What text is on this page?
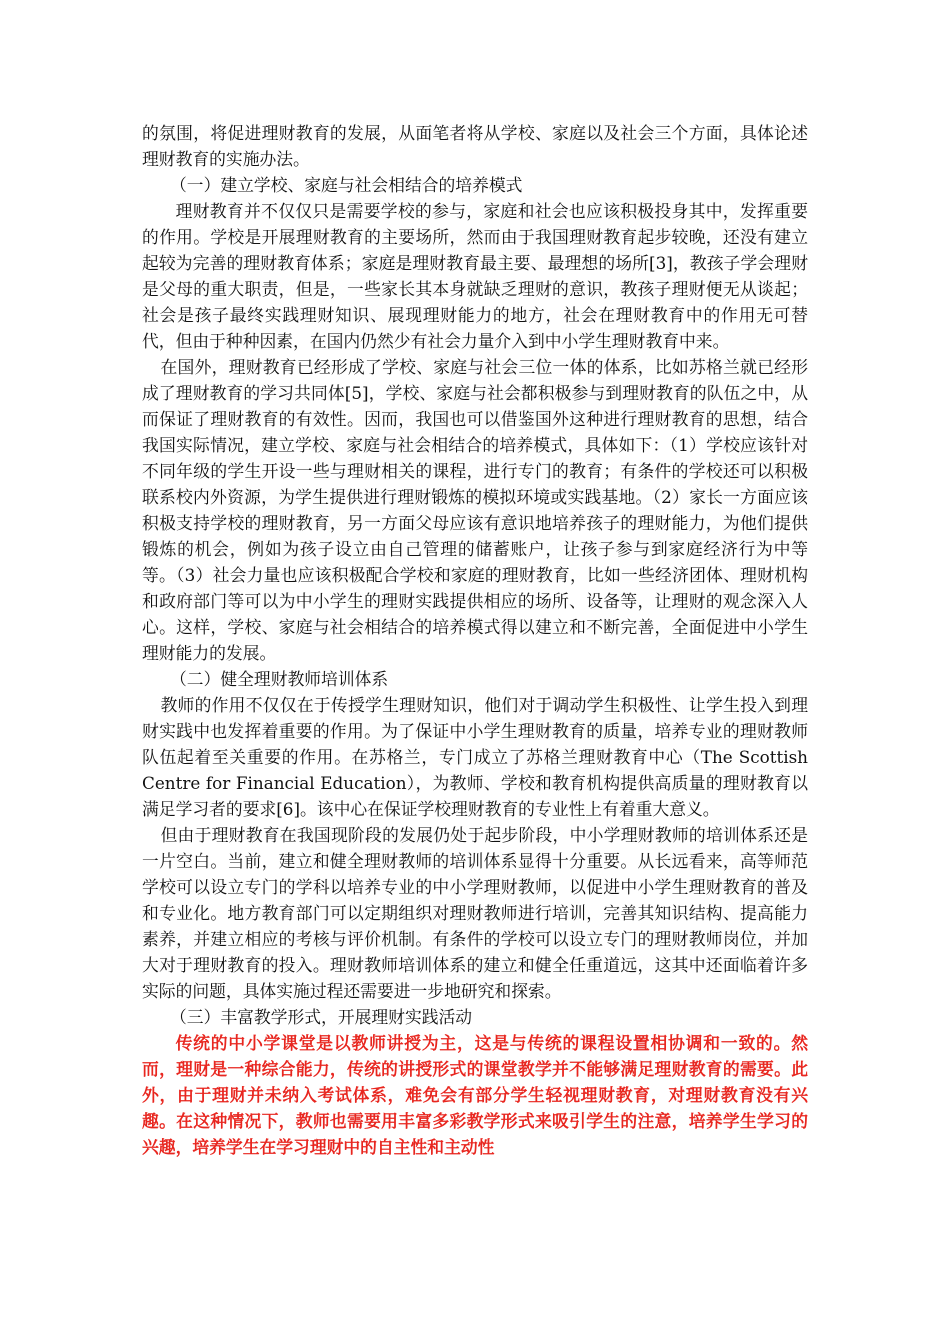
的氛围，将促进理财教育的发展，从面笔者将从学校、家庭以及社会三个方面，具体论述理财教育的实施办法。

（一）建立学校、家庭与社会相结合的培养模式

理财教育并不仅仅只是需要学校的参与，家庭和社会也应该积极投身其中，发挥重要的作用。学校是开展理财教育的主要场所，然而由于我国理财教育起步较晚，还没有建立起较为完善的理财教育体系；家庭是理财教育最主要、最理想的场所[3]，教孩子学会理财是父母的重大职责，但是，一些家长其本身就缺乏理财的意识，教孩子理财便无从谈起；社会是孩子最终实践理财知识、展现理财能力的地方，社会在理财教育中的作用无可替代，但由于种种因素，在国内仍然少有社会力量介入到中小学生理财教育中来。

在国外，理财教育已经形成了学校、家庭与社会三位一体的体系，比如苏格兰就已经形成了理财教育的学习共同体[5]，学校、家庭与社会都积极参与到理财教育的队伍之中，从而保证了理财教育的有效性。因而，我国也可以借鉴国外这种进行理财教育的思想，结合我国实际情况，建立学校、家庭与社会相结合的培养模式，具体如下：（1）学校应该针对不同年级的学生开设一些与理财相关的课程，进行专门的教育；有条件的学校还可以积极联系校内外资源，为学生提供进行理财锻炼的模拟环境或实践基地。（2）家长一方面应该积极支持学校的理财教育，另一方面父母应该有意识地培养孩子的理财能力，为他们提供锻炼的机会，例如为孩子设立由自己管理的储蓄账户，让孩子参与到家庭经济行为中等等。（3）社会力量也应该积极配合学校和家庭的理财教育，比如一些经济团体、理财机构和政府部门等可以为中小学生的理财实践提供相应的场所、设备等，让理财的观念深入人心。这样，学校、家庭与社会相结合的培养模式得以建立和不断完善，全面促进中小学生理财能力的发展。

（二）健全理财教师培训体系

教师的作用不仅仅在于传授学生理财知识，他们对于调动学生积极性、让学生投入到理财实践中也发挥着重要的作用。为了保证中小学生理财教育的质量，培养专业的理财教师队伍起着至关重要的作用。在苏格兰，专门成立了苏格兰理财教育中心（The Scottish Centre for Financial Education），为教师、学校和教育机构提供高质量的理财教育以满足学习者的要求[6]。该中心在保证学校理财教育的专业性上有着重大意义。

但由于理财教育在我国现阶段的发展仍处于起步阶段，中小学理财教师的培训体系还是一片空白。当前，建立和健全理财教师的培训体系显得十分重要。从长远看来，高等师范学校可以设立专门的学科以培养专业的中小学理财教师，以促进中小学生理财教育的普及和专业化。地方教育部门可以定期组织对理财教师进行培训，完善其知识结构、提高能力素养，并建立相应的考核与评价机制。有条件的学校可以设立专门的理财教师岗位，并加大对于理财教育的投入。理财教师培训体系的建立和健全任重道远，这其中还面临着许多实际的问题，具体实施过程还需要进一步地研究和探索。

（三）丰富教学形式，开展理财实践活动

传统的中小学课堂是以教师讲授为主，这是与传统的课程设置相协调和一致的。然而，理财是一种综合能力，传统的讲授形式的课堂教学并不能够满足理财教育的需要。此外，由于理财并未纳入考试体系，难免会有部分学生轻视理财教育，对理财教育没有兴趣。在这种情况下，教师也需要用丰富多彩教学形式来吸引学生的注意，培养学生学习的兴趣，培养学生在学习理财中的自主性和主动性
